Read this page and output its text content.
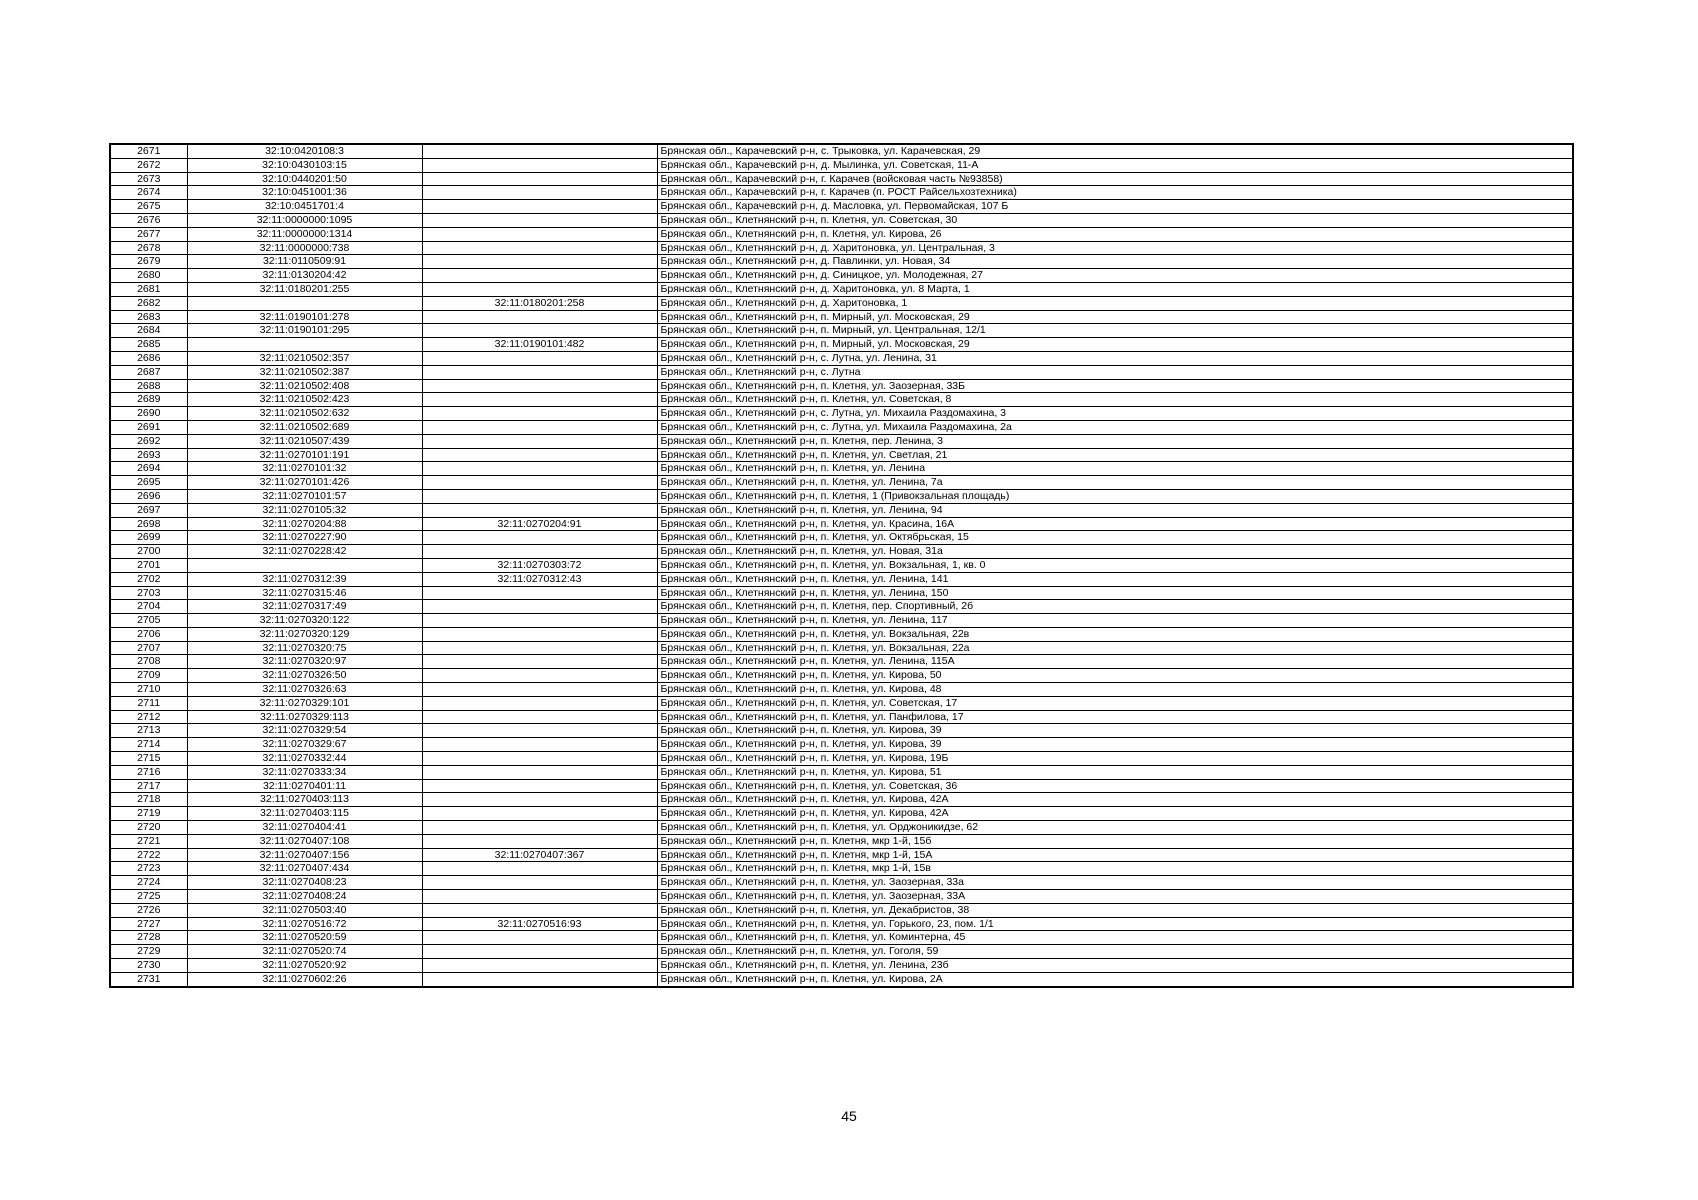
2671	32:10:0420108:3		Брянская обл., Карачевский р-н, с. Трыковка, ул. Карачевская, 29
2672	32:10:0430103:15		Брянская обл., Карачевский р-н, д. Мылинка, ул. Советская, 11-А
2673	32:10:0440201:50		Брянская обл., Карачевский р-н, г. Карачев (войсковая часть №93858)
2674	32:10:0451001:36		Брянская обл., Карачевский р-н, г. Карачев (п. РОСТ Райсельхозтехника)
2675	32:10:0451701:4		Брянская обл., Карачевский р-н, д. Масловка, ул. Первомайская, 107 Б
2676	32:11:0000000:1095		Брянская обл., Клетнянский р-н, п. Клетня, ул. Советская, 30
2677	32:11:0000000:1314		Брянская обл., Клетнянский р-н, п. Клетня, ул. Кирова, 26
2678	32:11:0000000:738		Брянская обл., Клетнянский р-н, д. Харитоновка, ул. Центральная, 3
2679	32:11:0110509:91		Брянская обл., Клетнянский р-н, д. Павлинки, ул. Новая, 34
2680	32:11:0130204:42		Брянская обл., Клетнянский р-н, д. Синицкое, ул. Молодежная, 27
2681	32:11:0180201:255		Брянская обл., Клетнянский р-н, д. Харитоновка, ул. 8 Марта, 1
2682		32:11:0180201:258	Брянская обл., Клетнянский р-н, д. Харитоновка, 1
2683	32:11:0190101:278		Брянская обл., Клетнянский р-н, п. Мирный, ул. Московская, 29
2684	32:11:0190101:295		Брянская обл., Клетнянский р-н, п. Мирный, ул. Центральная, 12/1
2685		32:11:0190101:482	Брянская обл., Клетнянский р-н, п. Мирный, ул. Московская, 29
2686	32:11:0210502:357		Брянская обл., Клетнянский р-н, с. Лутна, ул. Ленина, 31
2687	32:11:0210502:387		Брянская обл., Клетнянский р-н, с. Лутна
2688	32:11:0210502:408		Брянская обл., Клетнянский р-н, п. Клетня, ул. Заозерная, 33Б
2689	32:11:0210502:423		Брянская обл., Клетнянский р-н, п. Клетня, ул. Советская, 8
2690	32:11:0210502:632		Брянская обл., Клетнянский р-н, с. Лутна, ул. Михаила Раздомахина, 3
2691	32:11:0210502:689		Брянская обл., Клетнянский р-н, с. Лутна, ул. Михаила Раздомахина, 2а
2692	32:11:0210507:439		Брянская обл., Клетнянский р-н, п. Клетня, пер. Ленина, 3
2693	32:11:0270101:191		Брянская обл., Клетнянский р-н, п. Клетня, ул. Светлая, 21
2694	32:11:0270101:32		Брянская обл., Клетнянский р-н, п. Клетня, ул. Ленина
2695	32:11:0270101:426		Брянская обл., Клетнянский р-н, п. Клетня, ул. Ленина, 7а
2696	32:11:0270101:57		Брянская обл., Клетнянский р-н, п. Клетня, 1 (Привокзальная площадь)
2697	32:11:0270105:32		Брянская обл., Клетнянский р-н, п. Клетня, ул. Ленина, 94
2698	32:11:0270204:88	32:11:0270204:91	Брянская обл., Клетнянский р-н, п. Клетня, ул. Красина, 16А
2699	32:11:0270227:90		Брянская обл., Клетнянский р-н, п. Клетня, ул. Октябрьская, 15
2700	32:11:0270228:42		Брянская обл., Клетнянский р-н, п. Клетня, ул. Новая, 31а
2701		32:11:0270303:72	Брянская обл., Клетнянский р-н, п. Клетня, ул. Вокзальная, 1, кв. 0
2702	32:11:0270312:39	32:11:0270312:43	Брянская обл., Клетнянский р-н, п. Клетня, ул. Ленина, 141
2703	32:11:0270315:46		Брянская обл., Клетнянский р-н, п. Клетня, ул. Ленина, 150
2704	32:11:0270317:49		Брянская обл., Клетнянский р-н, п. Клетня, пер. Спортивный, 2б
2705	32:11:0270320:122		Брянская обл., Клетнянский р-н, п. Клетня, ул. Ленина, 117
2706	32:11:0270320:129		Брянская обл., Клетнянский р-н, п. Клетня, ул. Вокзальная, 22в
2707	32:11:0270320:75		Брянская обл., Клетнянский р-н, п. Клетня, ул. Вокзальная, 22а
2708	32:11:0270320:97		Брянская обл., Клетнянский р-н, п. Клетня, ул. Ленина, 115А
2709	32:11:0270326:50		Брянская обл., Клетнянский р-н, п. Клетня, ул. Кирова, 50
2710	32:11:0270326:63		Брянская обл., Клетнянский р-н, п. Клетня, ул. Кирова, 48
2711	32:11:0270329:101		Брянская обл., Клетнянский р-н, п. Клетня, ул. Советская, 17
2712	32:11:0270329:113		Брянская обл., Клетнянский р-н, п. Клетня, ул. Панфилова, 17
2713	32:11:0270329:54		Брянская обл., Клетнянский р-н, п. Клетня, ул. Кирова, 39
2714	32:11:0270329:67		Брянская обл., Клетнянский р-н, п. Клетня, ул. Кирова, 39
2715	32:11:0270332:44		Брянская обл., Клетнянский р-н, п. Клетня, ул. Кирова, 19Б
2716	32:11:0270333:34		Брянская обл., Клетнянский р-н, п. Клетня, ул. Кирова, 51
2717	32:11:0270401:11		Брянская обл., Клетнянский р-н, п. Клетня, ул. Советская, 36
2718	32:11:0270403:113		Брянская обл., Клетнянский р-н, п. Клетня, ул. Кирова, 42А
2719	32:11:0270403:115		Брянская обл., Клетнянский р-н, п. Клетня, ул. Кирова, 42А
2720	32:11:0270404:41		Брянская обл., Клетнянский р-н, п. Клетня, ул. Орджоникидзе, 62
2721	32:11:0270407:108		Брянская обл., Клетнянский р-н, п. Клетня, мкр 1-й, 15б
2722	32:11:0270407:156	32:11:0270407:367	Брянская обл., Клетнянский р-н, п. Клетня, мкр 1-й, 15А
2723	32:11:0270407:434		Брянская обл., Клетнянский р-н, п. Клетня, мкр 1-й, 15в
2724	32:11:0270408:23		Брянская обл., Клетнянский р-н, п. Клетня, ул. Заозерная, 33а
2725	32:11:0270408:24		Брянская обл., Клетнянский р-н, п. Клетня, ул. Заозерная, 33А
2726	32:11:0270503:40		Брянская обл., Клетнянский р-н, п. Клетня, ул. Декабристов, 38
2727	32:11:0270516:72	32:11:0270516:93	Брянская обл., Клетнянский р-н, п. Клетня, ул. Горького, 23, пом. 1/1
2728	32:11:0270520:59		Брянская обл., Клетнянский р-н, п. Клетня, ул. Коминтерна, 45
2729	32:11:0270520:74		Брянская обл., Клетнянский р-н, п. Клетня, ул. Гоголя, 59
2730	32:11:0270520:92		Брянская обл., Клетнянский р-н, п. Клетня, ул. Ленина, 23б
2731	32:11:0270602:26		Брянская обл., Клетнянский р-н, п. Клетня, ул. Кирова, 2А
45
